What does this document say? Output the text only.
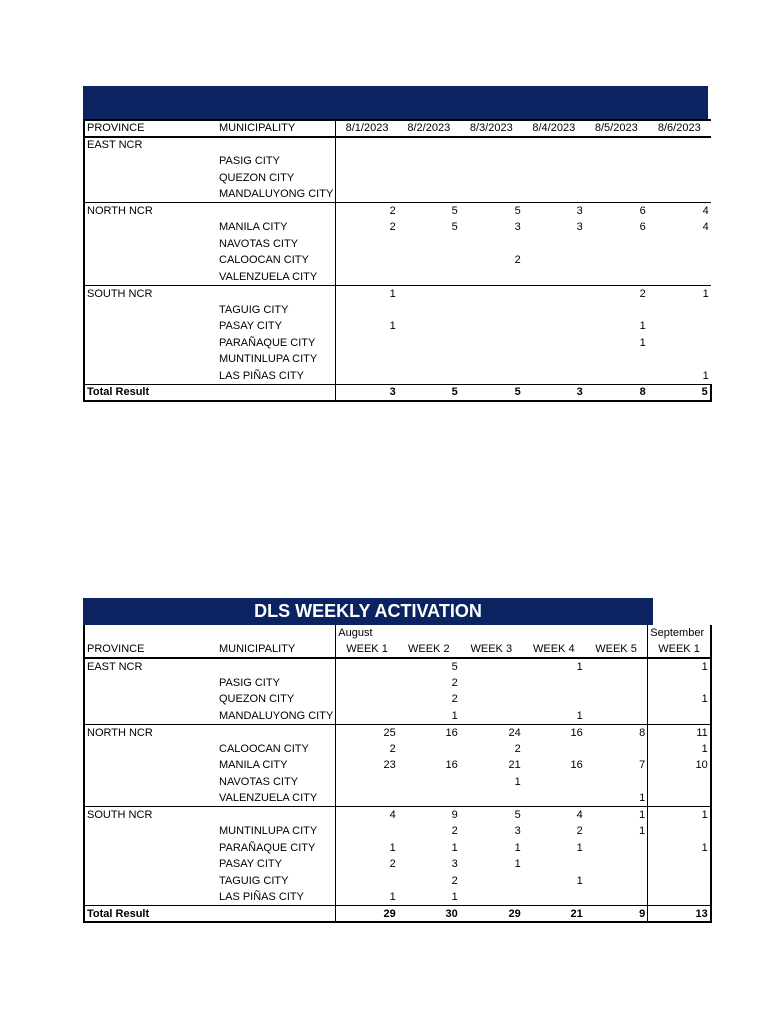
PROVINCE	MUNICIPALITY	8/1/2023	8/2/2023	8/3/2023	8/4/2023	8/5/2023	8/6/2023
EAST NCR							
	PASIG CITY						
	QUEZON CITY						
	MANDALUYONG CITY						
NORTH NCR		2	5	5	3	6	4
	MANILA CITY	2	5	3	3	6	4
	NAVOTAS CITY						
	CALOOCAN CITY			2			
	VALENZUELA CITY						
SOUTH NCR		1				2	1
	TAGUIG CITY						
	PASAY CITY	1				1	
	PARAÑAQUE CITY					1	
	MUNTINLUPA CITY						
	LAS PIÑAS CITY						1
Total Result		3	5	5	3	8	5
DLS WEEKLY ACTIVATION
		August					September
PROVINCE	MUNICIPALITY	WEEK 1	WEEK 2	WEEK 3	WEEK 4	WEEK 5	WEEK 1
EAST NCR			5		1		1
	PASIG CITY		2				
	QUEZON CITY		2				1
	MANDALUYONG CITY		1		1		
NORTH NCR		25	16	24	16	8	11
	CALOOCAN CITY	2		2			1
	MANILA CITY	23	16	21	16	7	10
	NAVOTAS CITY			1			
	VALENZUELA CITY					1	
SOUTH NCR		4	9	5	4	1	1
	MUNTINLUPA CITY		2	3	2	1	
	PARAÑAQUE CITY	1	1	1	1		1
	PASAY CITY	2	3	1			
	TAGUIG CITY		2		1		
	LAS PIÑAS CITY	1	1				
Total Result		29	30	29	21	9	13
